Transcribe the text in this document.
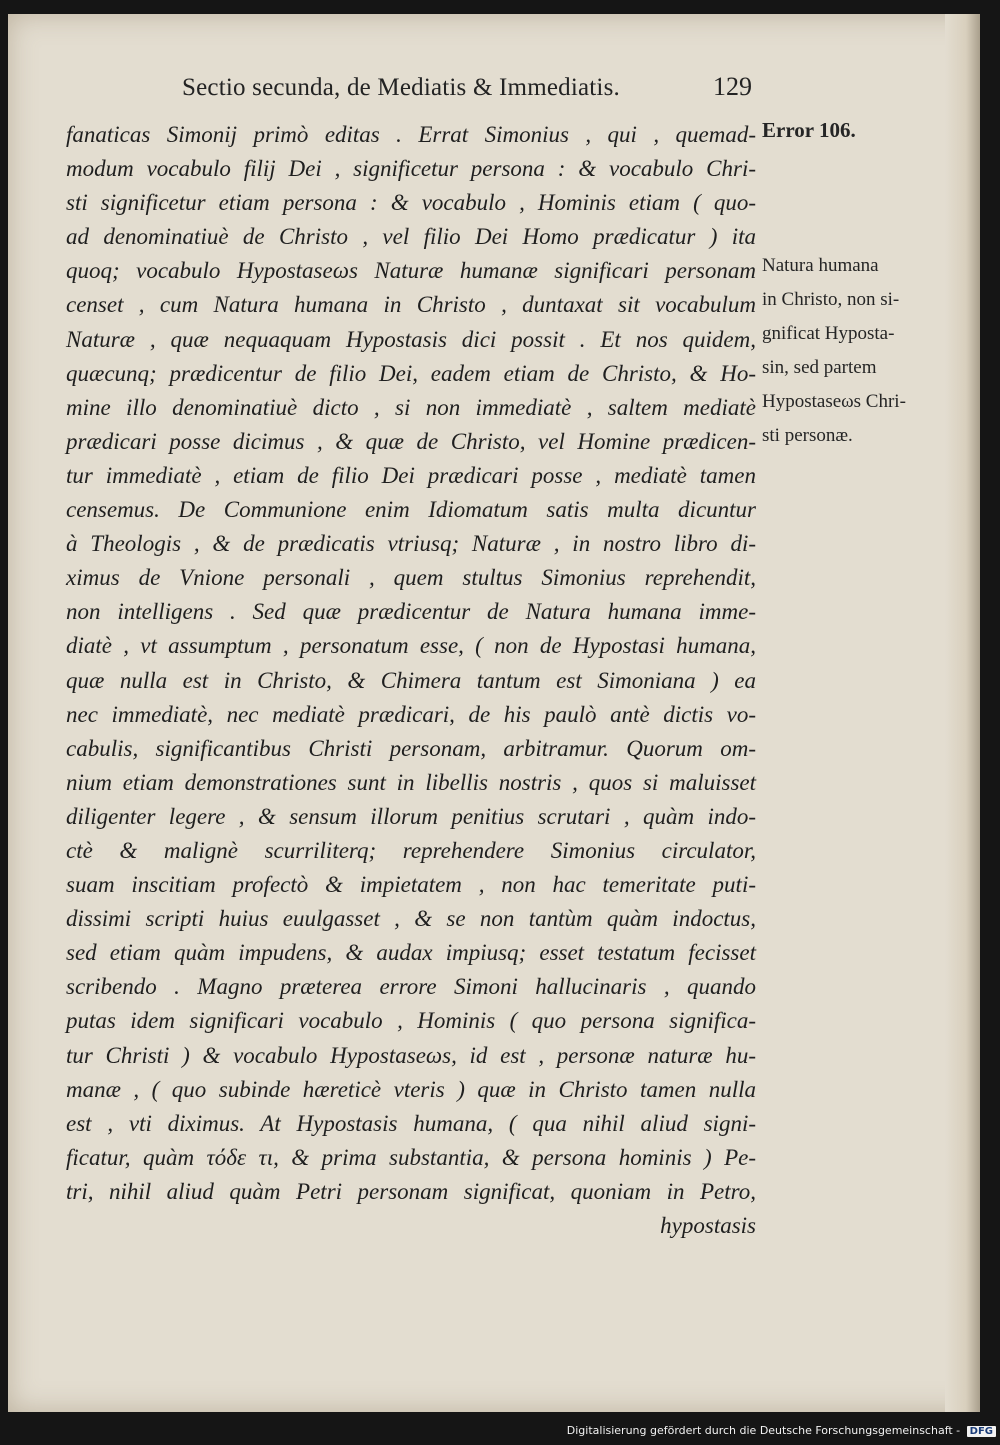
Sectio secunda, de Mediatis & Immediatis.	129
fanaticas Simonij primò editas . Errat Simonius , qui , quemad-
modum vocabulo filij Dei , significetur persona : & vocabulo Chri-
sti significetur etiam persona : & vocabulo , Hominis etiam ( quo-
ad denominatiuè de Christo , vel filio Dei Homo prædicatur ) ita
quoq; vocabulo Hypostaseωs Naturæ humanæ significari personam
censet , cum Natura humana in Christo , duntaxat sit vocabulum
Naturæ , quæ nequaquam Hypostasis dici possit . Et nos quidem,
quæcunq; prædicentur de filio Dei, eadem etiam de Christo, & Ho-
mine illo denominatiuè dicto , si non immediatè , saltem mediatè
prædicari posse dicimus , & quæ de Christo, vel Homine prædicen-
tur immediatè , etiam de filio Dei prædicari posse , mediatè tamen
censemus. De Communione enim Idiomatum satis multa dicuntur
à Theologis , & de prædicatis vtriusq; Naturæ , in nostro libro di-
ximus de Vnione personali , quem stultus Simonius reprehendit,
non intelligens . Sed quæ prædicentur de Natura humana imme-
diatè , vt assumptum , personatum esse, ( non de Hypostasi humana,
quæ nulla est in Christo, & Chimera tantum est Simoniana ) ea
nec immediatè, nec mediatè prædicari, de his paulò antè dictis vo-
cabulis, significantibus Christi personam, arbitramur. Quorum om-
nium etiam demonstrationes sunt in libellis nostris , quos si maluisset
diligenter legere , & sensum illorum penitius scrutari , quàm indo-
ctè & malignè scurriliterq; reprehendere Simonius circulator,
suam inscitiam profectò & impietatem , non hac temeritate puti-
dissimi scripti huius euulgasset , & se non tantùm quàm indoctus,
sed etiam quàm impudens, & audax impiusq; esset testatum fecisset
scribendo . Magno præterea errore Simoni hallucinaris , quando
putas idem significari vocabulo , Hominis ( quo persona significa-
tur Christi ) & vocabulo Hypostaseωs, id est , personæ naturæ hu-
manæ , ( quo subinde hæreticè vteris ) quæ in Christo tamen nulla
est , vti diximus. At Hypostasis humana, ( qua nihil aliud signi-
ficatur, quàm τόδε τι, & prima substantia, & persona hominis ) Pe-
tri, nihil aliud quàm Petri personam significat, quoniam in Petro,
hypostasis
Error 106.
Natura humana
in Christo, non si-
gnificat Hyposta-
sin, sed partem
Hypostaseωs Chri-
sti personæ.
Digitalisierung gefördert durch die Deutsche Forschungsgemeinschaft - DFG
